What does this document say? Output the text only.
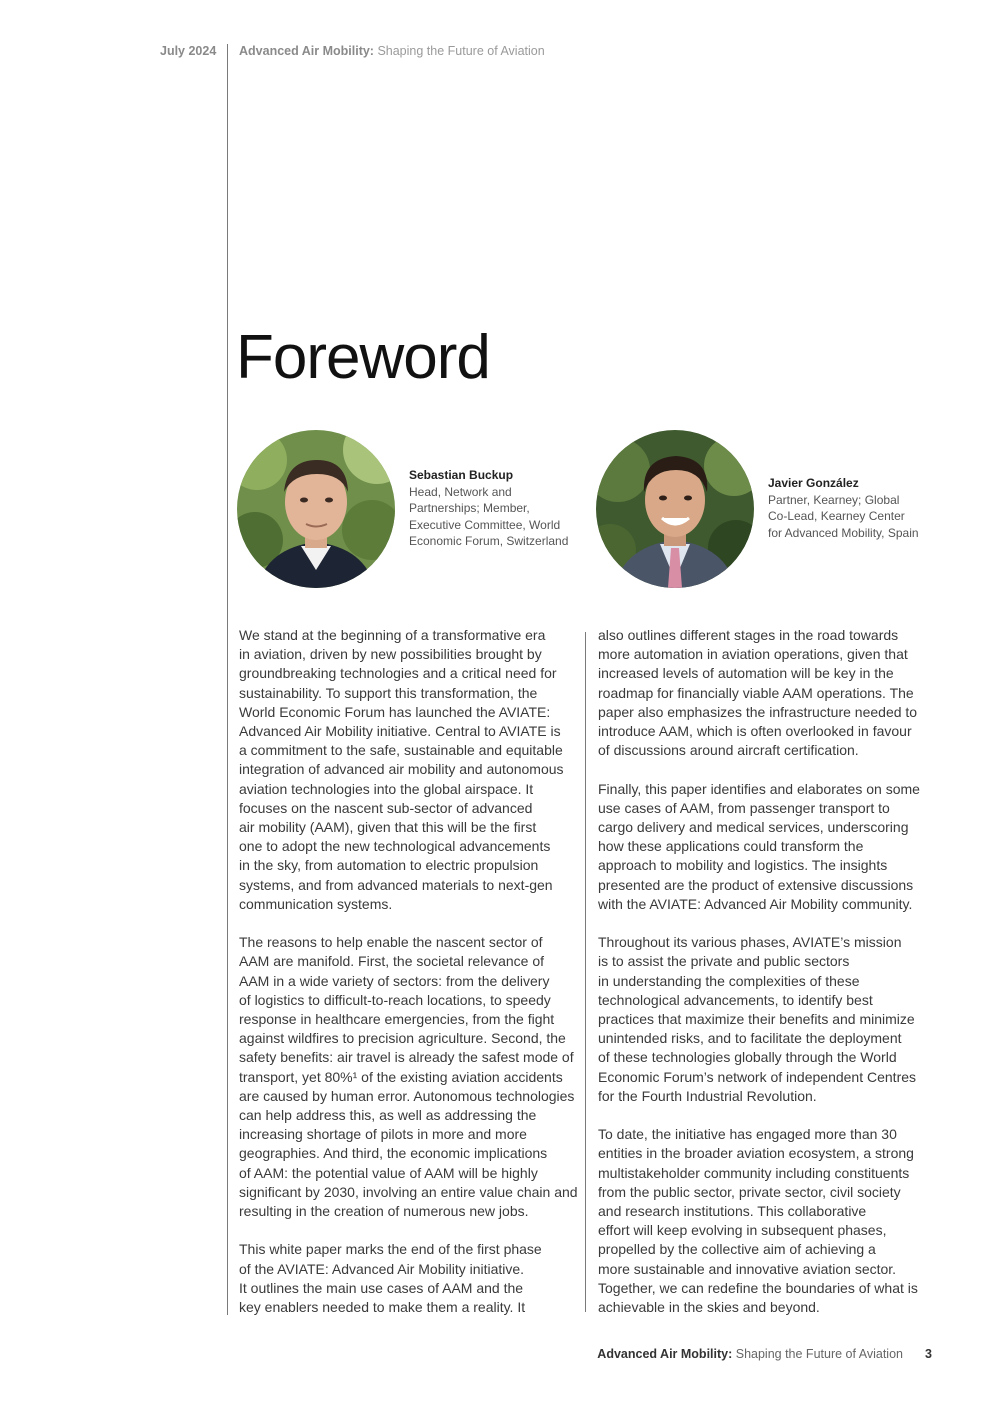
July 2024 Advanced Air Mobility: Shaping the Future of Aviation
Foreword
Sebastian Buckup
Head, Network and
Partnerships; Member,
Executive Committee, World
Economic Forum, Switzerland
Javier González
Partner, Kearney; Global
Co-Lead, Kearney Center
for Advanced Mobility, Spain

We stand at the beginning of a transformative era
in aviation, driven by new possibilities brought by
groundbreaking technologies and a critical need for
sustainability. To support this transformation, the
World Economic Forum has launched the AVIATE:
Advanced Air Mobility initiative. Central to AVIATE is
a commitment to the safe, sustainable and equitable
integration of advanced air mobility and autonomous
aviation technologies into the global airspace. It
focuses on the nascent sub-sector of advanced
air mobility (AAM), given that this will be the first
one to adopt the new technological advancements
in the sky, from automation to electric propulsion
systems, and from advanced materials to next-gen
communication systems.

The reasons to help enable the nascent sector of
AAM are manifold. First, the societal relevance of
AAM in a wide variety of sectors: from the delivery
of logistics to difficult-to-reach locations, to speedy
response in healthcare emergencies, from the fight
against wildfires to precision agriculture. Second, the
safety benefits: air travel is already the safest mode of
transport, yet 80%¹ of the existing aviation accidents
are caused by human error. Autonomous technologies
can help address this, as well as addressing the
increasing shortage of pilots in more and more
geographies. And third, the economic implications
of AAM: the potential value of AAM will be highly
significant by 2030, involving an entire value chain and
resulting in the creation of numerous new jobs.

This white paper marks the end of the first phase
of the AVIATE: Advanced Air Mobility initiative.
It outlines the main use cases of AAM and the
key enablers needed to make them a reality. It

also outlines different stages in the road towards
more automation in aviation operations, given that
increased levels of automation will be key in the
roadmap for financially viable AAM operations. The
paper also emphasizes the infrastructure needed to
introduce AAM, which is often overlooked in favour
of discussions around aircraft certification.

Finally, this paper identifies and elaborates on some
use cases of AAM, from passenger transport to
cargo delivery and medical services, underscoring
how these applications could transform the
approach to mobility and logistics. The insights
presented are the product of extensive discussions
with the AVIATE: Advanced Air Mobility community.

Throughout its various phases, AVIATE’s mission
is to assist the private and public sectors
in understanding the complexities of these
technological advancements, to identify best
practices that maximize their benefits and minimize
unintended risks, and to facilitate the deployment
of these technologies globally through the World
Economic Forum’s network of independent Centres
for the Fourth Industrial Revolution.

To date, the initiative has engaged more than 30
entities in the broader aviation ecosystem, a strong
multistakeholder community including constituents
from the public sector, private sector, civil society
and research institutions. This collaborative
effort will keep evolving in subsequent phases,
propelled by the collective aim of achieving a
more sustainable and innovative aviation sector.
Together, we can redefine the boundaries of what is
achievable in the skies and beyond.

Advanced Air Mobility: Shaping the Future of Aviation 3
